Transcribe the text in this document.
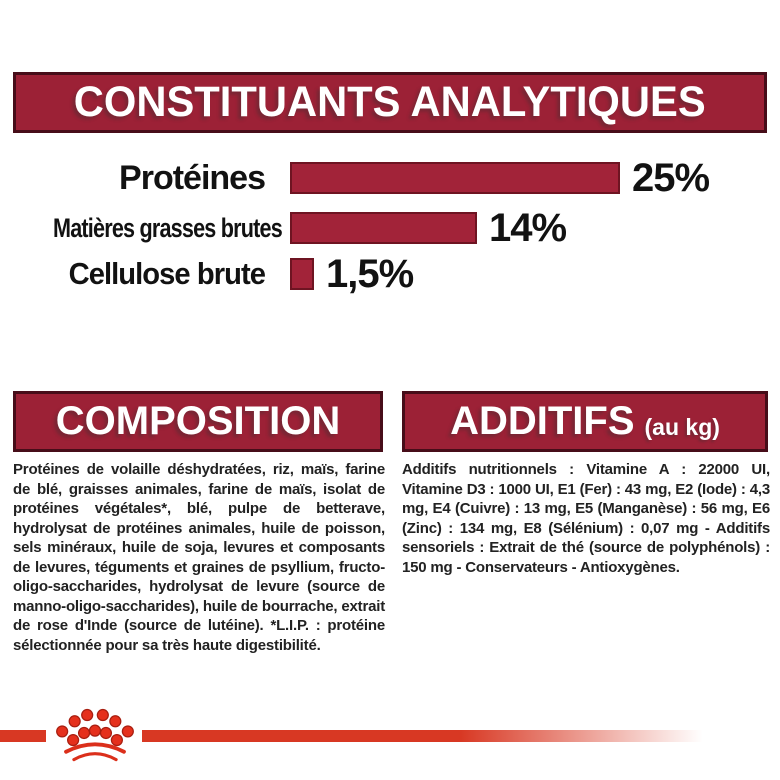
CONSTITUANTS ANALYTIQUES
Protéines	25%
Matières grasses brutes	14%
Cellulose brute 1,5%
COMPOSITION
Protéines de volaille déshydratées, riz, maïs, farine de blé, graisses animales, farine de maïs, isolat de protéines végétales*, blé, pulpe de betterave, hydrolysat de protéines animales, huile de poisson, sels minéraux, huile de soja, levures et composants de levures, téguments et graines de psyllium, fructo-oligo-saccharides, hydrolysat de levure (source de manno-oligo-saccharides), huile de bourrache, extrait de rose d'Inde (source de lutéine). *L.I.P. : protéine sélectionnée pour sa très haute digestibilité.
ADDITIFS (au kg)
Additifs nutritionnels : Vitamine A : 22000 UI, Vitamine D3 : 1000 UI, E1 (Fer) : 43 mg, E2 (Iode) : 4,3 mg, E4 (Cuivre) : 13 mg, E5 (Manganèse) : 56 mg, E6 (Zinc) : 134 mg, E8 (Sélénium) : 0,07 mg - Additifs sensoriels : Extrait de thé (source de polyphénols) : 150 mg - Conservateurs - Antioxygènes.
